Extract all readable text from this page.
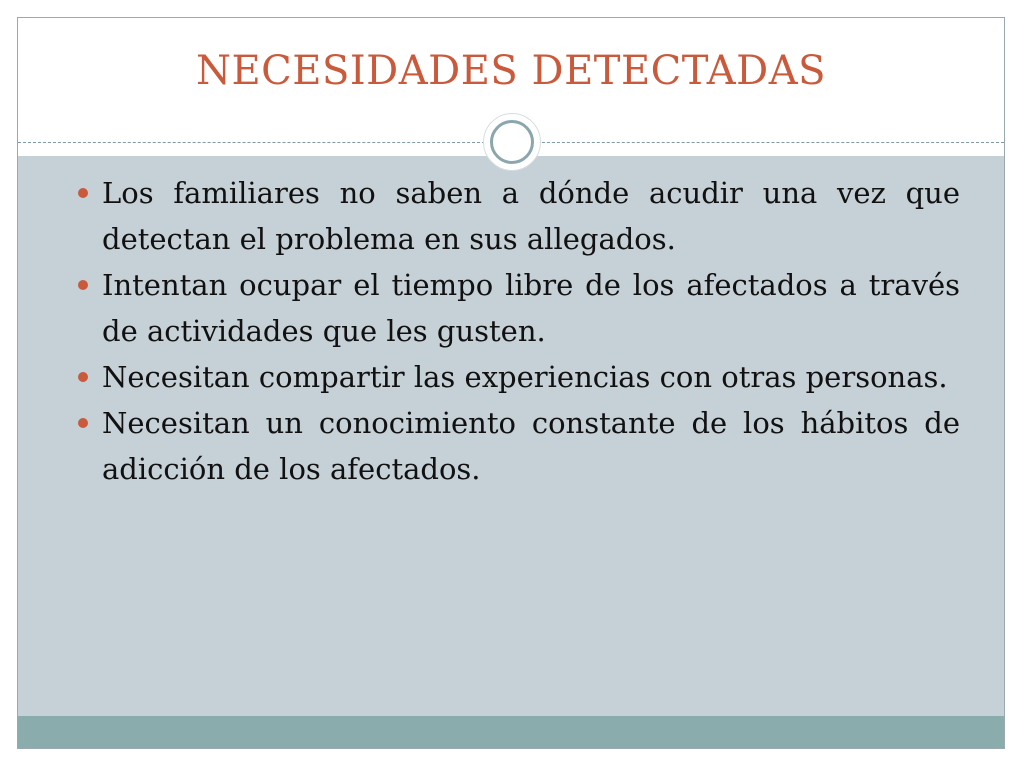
NECESIDADES DETECTADAS
Los familiares no saben a dónde acudir una vez que detectan el problema en sus allegados.
Intentan ocupar el tiempo libre de los afectados a través de actividades que les gusten.
Necesitan compartir las experiencias con otras personas.
Necesitan un conocimiento constante de los hábitos de adicción de los afectados.
